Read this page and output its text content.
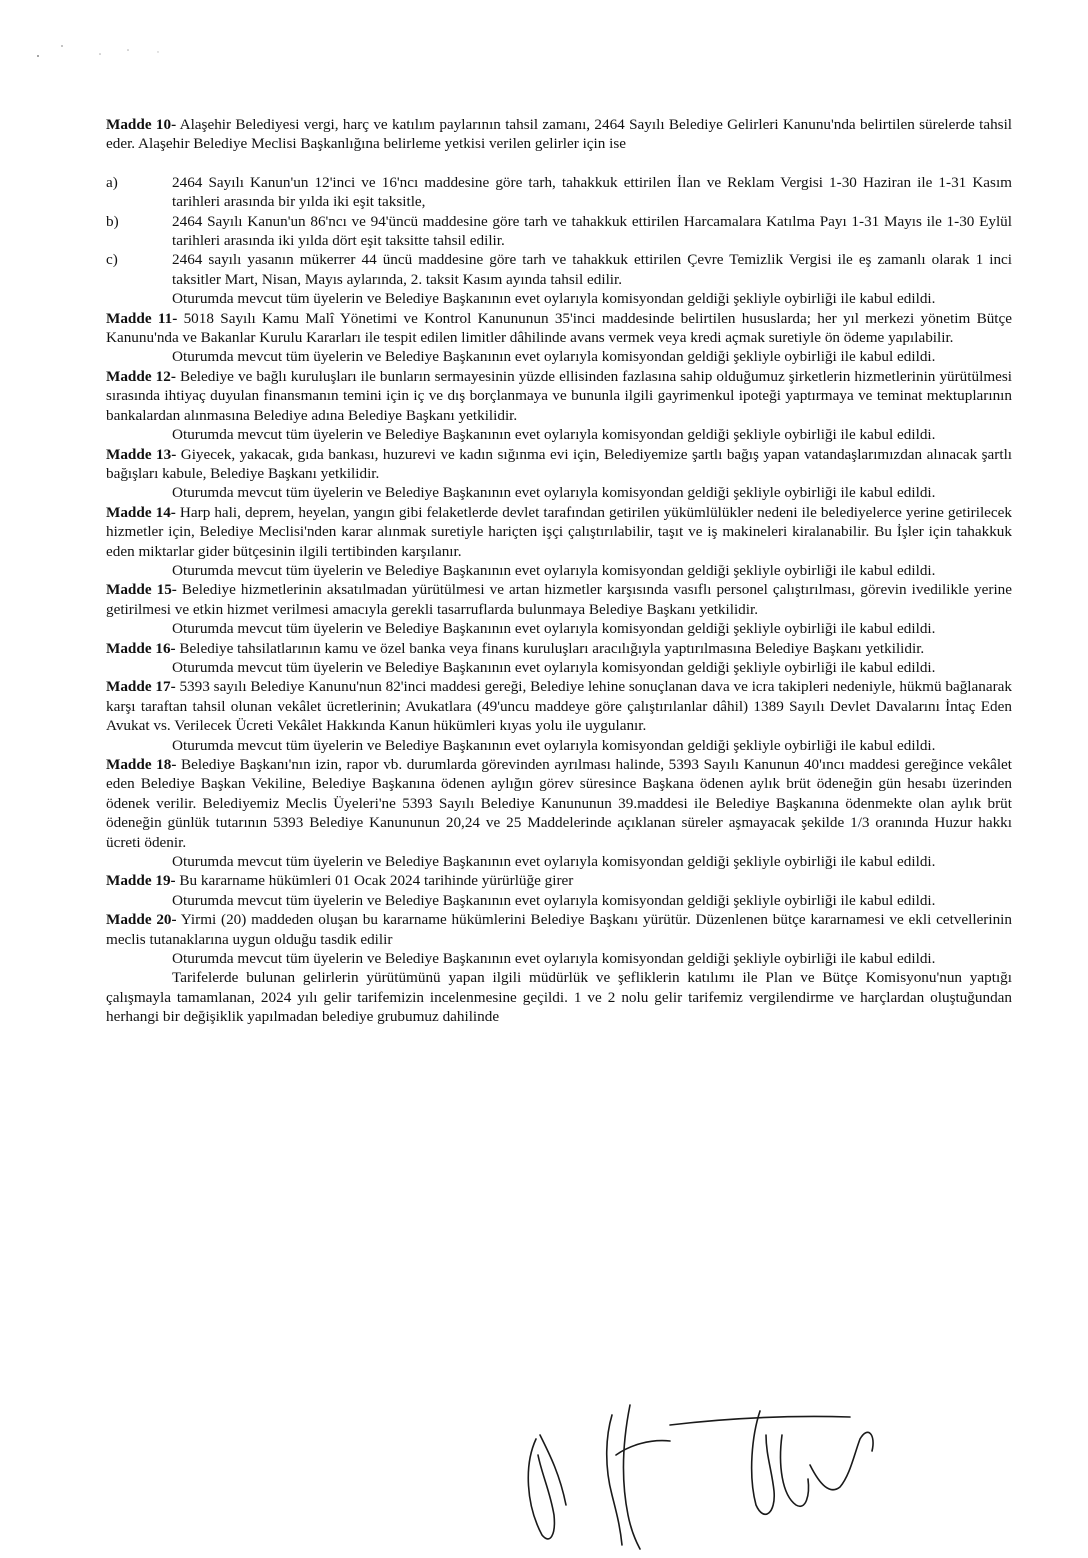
Madde 10- Alaşehir Belediyesi vergi, harç ve katılım paylarının tahsil zamanı, 2464 Sayılı Belediye Gelirleri Kanunu'nda belirtilen sürelerde tahsil eder. Alaşehir Belediye Meclisi Başkanlığına belirleme yetkisi verilen gelirler için ise

a)	2464 Sayılı Kanun'un 12'inci ve 16'ncı maddesine göre tarh, tahakkuk ettirilen İlan ve Reklam Vergisi 1-30 Haziran ile 1-31 Kasım tarihleri arasında bir yılda iki eşit taksitle,
b)	2464 Sayılı Kanun'un 86'ncı ve 94'üncü maddesine göre tarh ve tahakkuk ettirilen Harcamalara Katılma Payı 1-31 Mayıs ile 1-30 Eylül tarihleri arasında iki yılda dört eşit taksitte tahsil edilir.
c)	2464 sayılı yasanın mükerrer 44 üncü maddesine göre tarh ve tahakkuk ettirilen Çevre Temizlik Vergisi ile eş zamanlı olarak 1 inci taksitler Mart, Nisan, Mayıs aylarında, 2. taksit Kasım ayında tahsil edilir.

Oturumda mevcut tüm üyelerin ve Belediye Başkanının evet oylarıyla komisyondan geldiği şekliyle oybirliği ile kabul edildi.

Madde 11- 5018 Sayılı Kamu Malî Yönetimi ve Kontrol Kanununun 35'inci maddesinde belirtilen hususlarda; her yıl merkezi yönetim Bütçe Kanunu'nda ve Bakanlar Kurulu Kararları ile tespit edilen limitler dâhilinde avans vermek veya kredi açmak suretiyle ön ödeme yapılabilir.

Oturumda mevcut tüm üyelerin ve Belediye Başkanının evet oylarıyla komisyondan geldiği şekliyle oybirliği ile kabul edildi.

Madde 12- Belediye ve bağlı kuruluşları ile bunların sermayesinin yüzde ellisinden fazlasına sahip olduğumuz şirketlerin hizmetlerinin yürütülmesi sırasında ihtiyaç duyulan finansmanın temini için iç ve dış borçlanmaya ve bununla ilgili gayrimenkul ipoteği yaptırmaya ve teminat mektuplarının bankalardan alınmasına Belediye adına Belediye Başkanı yetkilidir.

Oturumda mevcut tüm üyelerin ve Belediye Başkanının evet oylarıyla komisyondan geldiği şekliyle oybirliği ile kabul edildi.

Madde 13- Giyecek, yakacak, gıda bankası, huzurevi ve kadın sığınma evi için, Belediyemize şartlı bağış yapan vatandaşlarımızdan alınacak şartlı bağışları kabule, Belediye Başkanı yetkilidir.

Oturumda mevcut tüm üyelerin ve Belediye Başkanının evet oylarıyla komisyondan geldiği şekliyle oybirliği ile kabul edildi.

Madde 14- Harp hali, deprem, heyelan, yangın gibi felaketlerde devlet tarafından getirilen yükümlülükler nedeni ile belediyelerce yerine getirilecek hizmetler için, Belediye Meclisi'nden karar alınmak suretiyle hariçten işçi çalıştırılabilir, taşıt ve iş makineleri kiralanabilir. Bu İşler için tahakkuk eden miktarlar gider bütçesinin ilgili tertibinden karşılanır.

Oturumda mevcut tüm üyelerin ve Belediye Başkanının evet oylarıyla komisyondan geldiği şekliyle oybirliği ile kabul edildi.

Madde 15- Belediye hizmetlerinin aksatılmadan yürütülmesi ve artan hizmetler karşısında vasıflı personel çalıştırılması, görevin ivedilikle yerine getirilmesi ve etkin hizmet verilmesi amacıyla gerekli tasarruflarda bulunmaya Belediye Başkanı yetkilidir.

Oturumda mevcut tüm üyelerin ve Belediye Başkanının evet oylarıyla komisyondan geldiği şekliyle oybirliği ile kabul edildi.

Madde 16- Belediye tahsilatlarının kamu ve özel banka veya finans kuruluşları aracılığıyla yaptırılmasına Belediye Başkanı yetkilidir.

Oturumda mevcut tüm üyelerin ve Belediye Başkanının evet oylarıyla komisyondan geldiği şekliyle oybirliği ile kabul edildi.

Madde 17- 5393 sayılı Belediye Kanunu'nun 82'inci maddesi gereği, Belediye lehine sonuçlanan dava ve icra takipleri nedeniyle, hükmü bağlanarak karşı taraftan tahsil olunan vekâlet ücretlerinin; Avukatlara (49'uncu maddeye göre çalıştırılanlar dâhil) 1389 Sayılı Devlet Davalarını İntaç Eden Avukat vs. Verilecek Ücreti Vekâlet Hakkında Kanun hükümleri kıyas yolu ile uygulanır.

Oturumda mevcut tüm üyelerin ve Belediye Başkanının evet oylarıyla komisyondan geldiği şekliyle oybirliği ile kabul edildi.

Madde 18- Belediye Başkanı'nın izin, rapor vb. durumlarda görevinden ayrılması halinde, 5393 Sayılı Kanunun 40'ıncı maddesi gereğince vekâlet eden Belediye Başkan Vekiline, Belediye Başkanına ödenen aylığın görev süresince Başkana ödenen aylık brüt ödeneğin gün hesabı üzerinden ödenek verilir. Belediyemiz Meclis Üyeleri'ne 5393 Sayılı Belediye Kanununun 39.maddesi ile Belediye Başkanına ödenmekte olan aylık brüt ödeneğin günlük tutarının 5393 Belediye Kanununun 20,24 ve 25 Maddelerinde açıklanan süreler aşmayacak şekilde 1/3 oranında Huzur hakkı ücreti ödenir.

Oturumda mevcut tüm üyelerin ve Belediye Başkanının evet oylarıyla komisyondan geldiği şekliyle oybirliği ile kabul edildi.

Madde 19- Bu kararname hükümleri 01 Ocak 2024 tarihinde yürürlüğe girer

Oturumda mevcut tüm üyelerin ve Belediye Başkanının evet oylarıyla komisyondan geldiği şekliyle oybirliği ile kabul edildi.

Madde 20- Yirmi (20) maddeden oluşan bu kararname hükümlerini Belediye Başkanı yürütür. Düzenlenen bütçe kararnamesi ve ekli cetvellerinin meclis tutanaklarına uygun olduğu tasdik edilir

Oturumda mevcut tüm üyelerin ve Belediye Başkanının evet oylarıyla komisyondan geldiği şekliyle oybirliği ile kabul edildi.

Tarifelerde bulunan gelirlerin yürütümünü yapan ilgili müdürlük ve şefliklerin katılımı ile Plan ve Bütçe Komisyonu'nun yaptığı çalışmayla tamamlanan, 2024 yılı gelir tarifemizin incelenmesine geçildi. 1 ve 2 nolu gelir tarifemiz vergilendirme ve harçlardan oluştuğundan herhangi bir değişiklik yapılmadan belediye grubumuz dahilinde
